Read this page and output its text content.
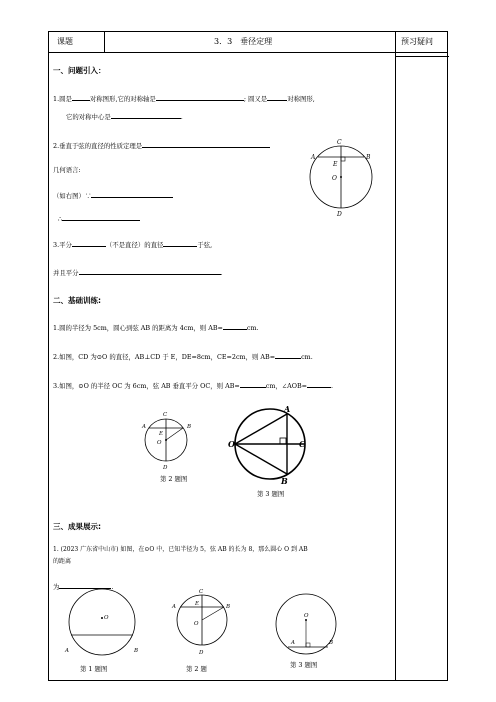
课题	3．3　垂径定理	预习疑问
一、问题引入：
1.圆是	对称图形,它的对称轴是	; 圆又是	对称图形,
它的对称中心是	.
2.垂直于弦的直径的性质定理是
几何语言:
（如右图）∵
∴
3.平分	（不是直径）的直径	于弦,
并且平分	.
C
A	B
E
O
D
二、基础训练:
1.圆的半径为 5cm，圆心到弦 AB 的距离为 4cm，则 AB=	cm.
2.如图，CD 为⊙O 的直径，AB⊥CD 于 E，DE=8cm，CE=2cm，则 AB=	cm.
3.如图，⊙O 的半径 OC 为 6cm，弦 AB 垂直平分 OC，则 AB=	cm，∠AOB=	.
C
A	B
E
O
D
第 2 题图
A
O	C
B
第 3 题图
三、成果展示:
1. (2023 广东省中山市) 如图，在⊙O 中，已知半径为 5，弦 AB 的长为 8，那么圆心 O 到 AB
的距离
为	.
O
A	B
第 1 题图
C
A	B
E
O
D
第 2 题
O
A	B
第 3 题图
